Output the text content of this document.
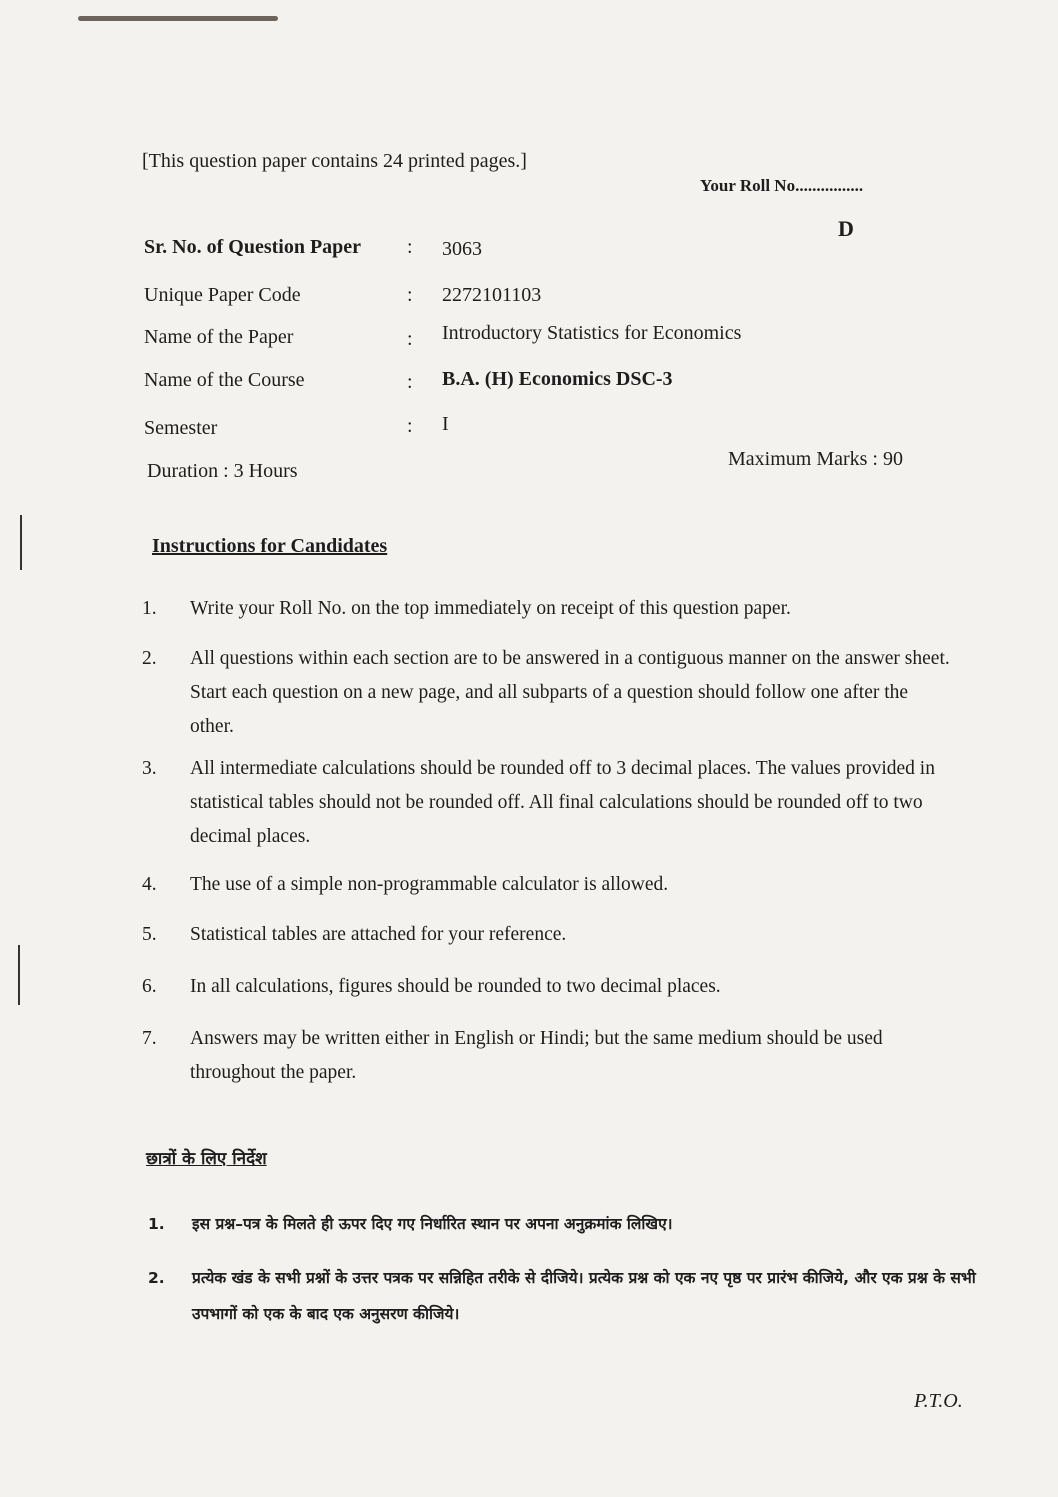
[This question paper contains 24 printed pages.]
Your Roll No................
D
Sr. No. of Question Paper : 3063
Unique Paper Code	: 2272101103
Name of the Paper	: Introductory Statistics for Economics
Name of the Course	: B.A. (H) Economics DSC-3
Semester	: I
Duration : 3 Hours
Maximum Marks : 90
Instructions for Candidates
1.	Write your Roll No. on the top immediately on receipt of this question paper.
2.	All questions within each section are to be answered in a contiguous manner on the answer sheet. Start each question on a new page, and all subparts of a question should follow one after the other.
3.	All intermediate calculations should be rounded off to 3 decimal places. The values provided in statistical tables should not be rounded off. All final calculations should be rounded off to two decimal places.
4.	The use of a simple non-programmable calculator is allowed.
5.	Statistical tables are attached for your reference.
6.	In all calculations, figures should be rounded to two decimal places.
7.	Answers may be written either in English or Hindi; but the same medium should be used throughout the paper.
छात्रों के लिए निर्देश
1.	इस प्रश्न–पत्र के मिलते ही ऊपर दिए गए निर्धारित स्थान पर अपना अनुक्रमांक लिखिए।
2.	प्रत्येक खंड के सभी प्रश्नों के उत्तर पत्रक पर सन्निहित तरीके से दीजिये। प्रत्येक प्रश्न को एक नए पृष्ठ पर प्रारंभ कीजिये, और एक प्रश्न के सभी उपभागों को एक के बाद एक अनुसरण कीजिये।
P.T.O.
